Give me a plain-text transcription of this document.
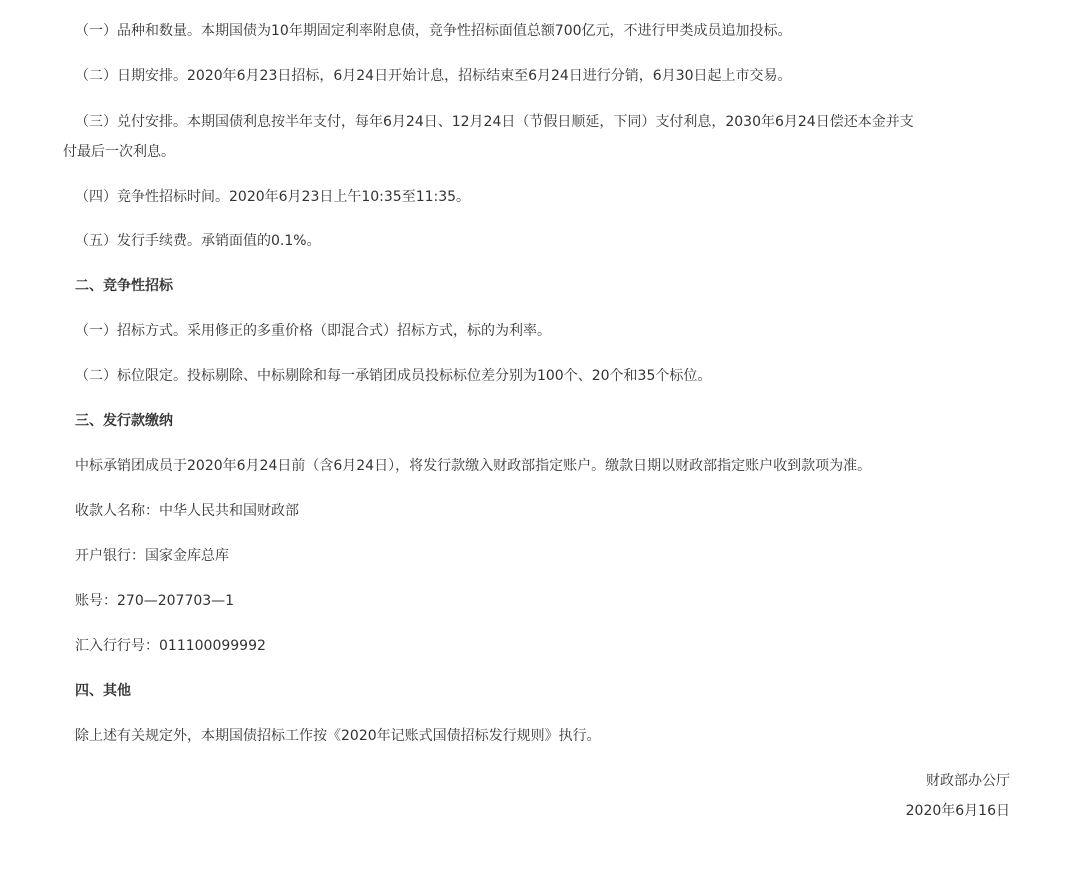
（一）品种和数量。本期国债为10年期固定利率附息债，竞争性招标面值总额700亿元，不进行甲类成员追加投标。
（二）日期安排。2020年6月23日招标，6月24日开始计息，招标结束至6月24日进行分销，6月30日起上市交易。
（三）兑付安排。本期国债利息按半年支付，每年6月24日、12月24日（节假日顺延，下同）支付利息，2030年6月24日偿还本金并支
付最后一次利息。
（四）竞争性招标时间。2020年6月23日上午10:35至11:35。
（五）发行手续费。承销面值的0.1%。
二、竞争性招标
（一）招标方式。采用修正的多重价格（即混合式）招标方式，标的为利率。
（二）标位限定。投标剔除、中标剔除和每一承销团成员投标标位差分别为100个、20个和35个标位。
三、发行款缴纳
中标承销团成员于2020年6月24日前（含6月24日），将发行款缴入财政部指定账户。缴款日期以财政部指定账户收到款项为准。
收款人名称：中华人民共和国财政部
开户银行：国家金库总库
账号：270—207703—1
汇入行行号：011100099992
四、其他
除上述有关规定外，本期国债招标工作按《2020年记账式国债招标发行规则》执行。
财政部办公厅
2020年6月16日
